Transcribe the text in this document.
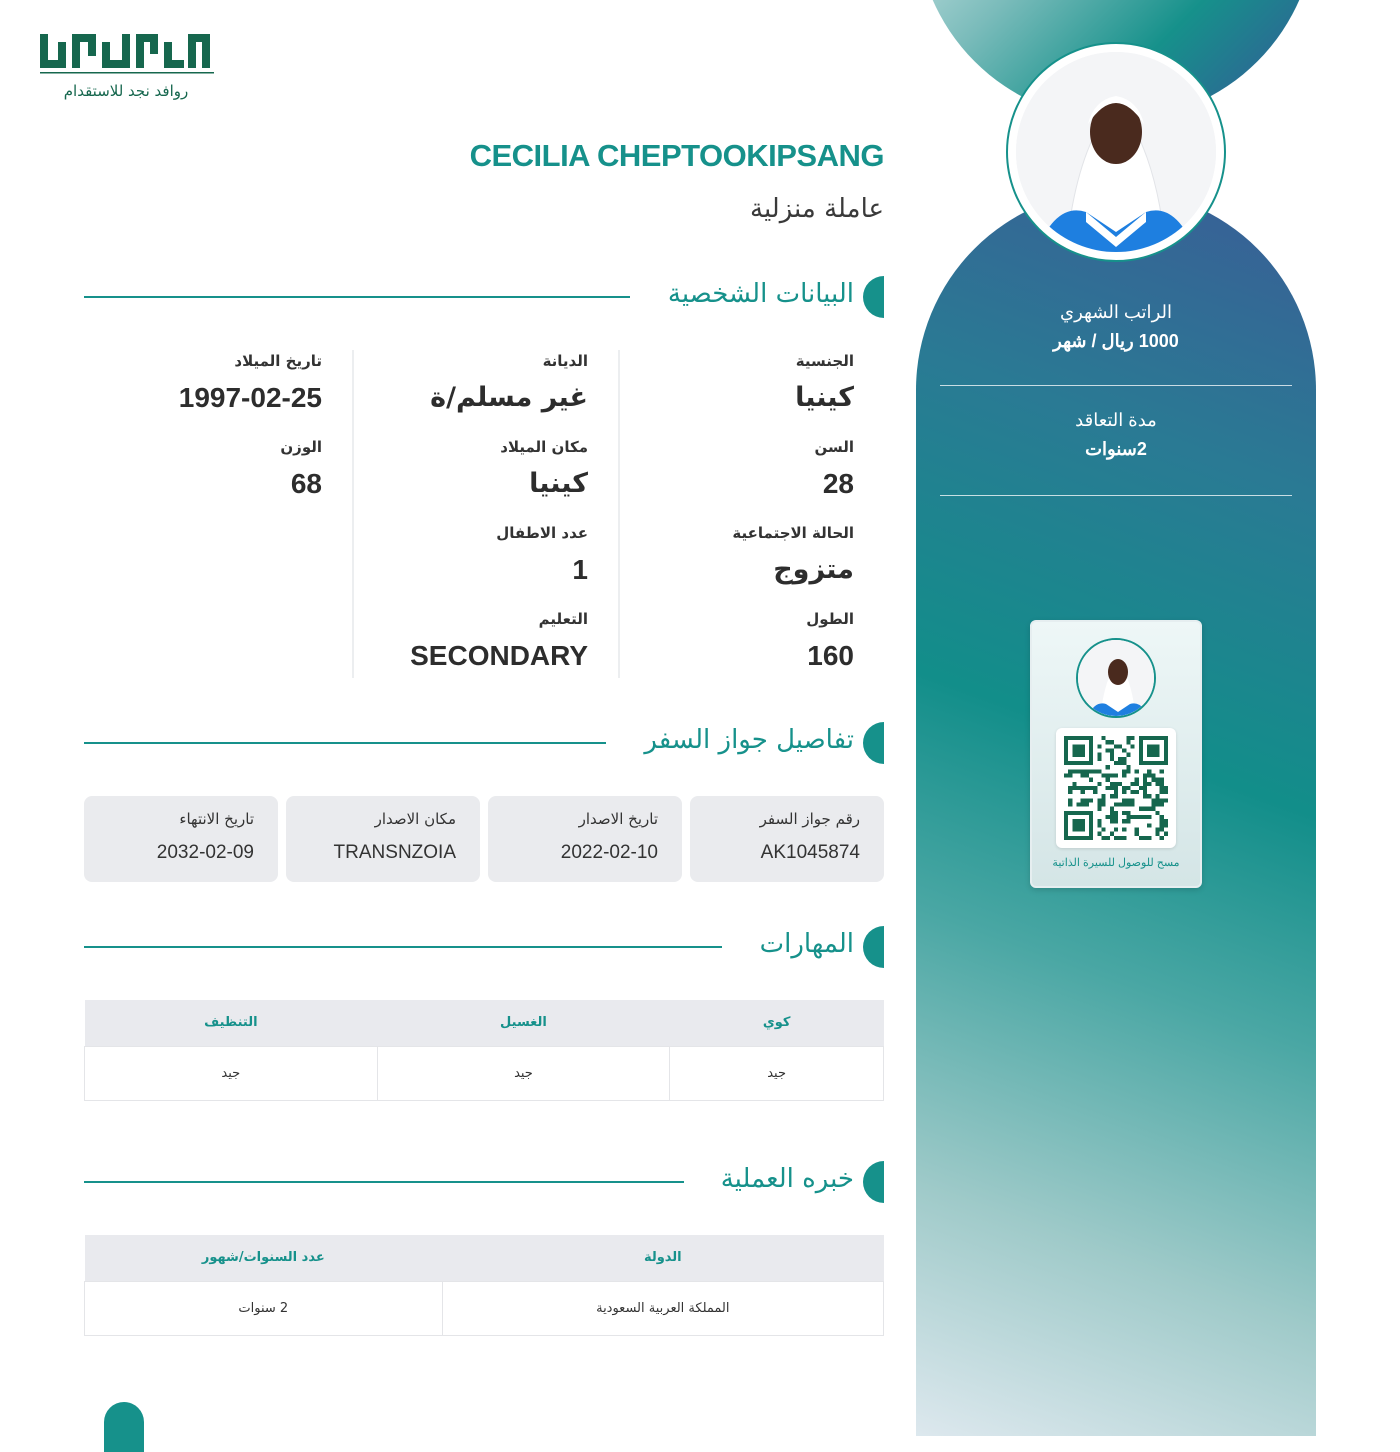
الراتب الشهري
1000 ريال / شهر
مدة التعاقد
2سنوات
مسح للوصول للسيرة الذاتية
روافد نجد للاستقدام
CECILIA CHEPTOOKIPSANG
عاملة منزلية
البيانات الشخصية
الجنسية
كينيا
السن
28
الحالة الاجتماعية
متزوج
الطول
160
الديانة
غير مسلم/ة
مكان الميلاد
كينيا
عدد الاطفال
1
التعليم
SECONDARY
تاريخ الميلاد
1997-02-25
الوزن
68
تفاصيل جواز السفر
رقم جواز السفر
AK1045874
تاريخ الاصدار
2022-02-10
مكان الاصدار
TRANSNZOIA
تاريخ الانتهاء
2032-02-09
المهارات
كوي	الغسيل	التنظيف
جيد	جيد	جيد
خبره العملية
الدولة	عدد السنوات/شهور
المملكة العربية السعودية	2 سنوات
